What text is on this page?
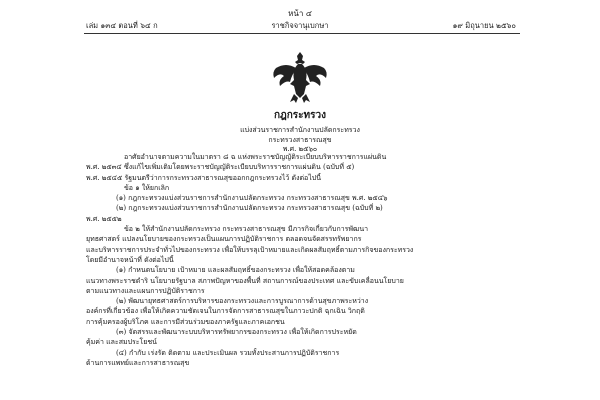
หน้า ๔
เล่ม ๑๓๔ ตอนที่ ๖๔ ก	ราชกิจจานุเบกษา	๑๙ มิถุนายน ๒๕๖๐
กฎกระทรวง
แบ่งส่วนราชการสำนักงานปลัดกระทรวง
กระทรวงสาธารณสุข
พ.ศ. ๒๕๖๐

อาศัยอำนาจตามความในมาตรา ๘ ฉ แห่งพระราชบัญญัติระเบียบบริหารราชการแผ่นดิน

พ.ศ. ๒๕๓๔ ซึ่งแก้ไขเพิ่มเติมโดยพระราชบัญญัติระเบียบบริหารราชการแผ่นดิน (ฉบับที่ ๕)

พ.ศ. ๒๕๔๕ รัฐมนตรีว่าการกระทรวงสาธารณสุขออกกฎกระทรวงไว้ ดังต่อไปนี้

ข้อ ๑ ให้ยกเลิก

(๑) กฎกระทรวงแบ่งส่วนราชการสำนักงานปลัดกระทรวง กระทรวงสาธารณสุข พ.ศ. ๒๕๔๖

(๒) กฎกระทรวงแบ่งส่วนราชการสำนักงานปลัดกระทรวง กระทรวงสาธารณสุข (ฉบับที่ ๒)

พ.ศ. ๒๕๕๒

ข้อ ๒ ให้สำนักงานปลัดกระทรวง กระทรวงสาธารณสุข มีภารกิจเกี่ยวกับการพัฒนา

ยุทธศาสตร์ แปลงนโยบายของกระทรวงเป็นแผนการปฏิบัติราชการ ตลอดจนจัดสรรทรัพยากร

และบริหารราชการประจำทั่วไปของกระทรวง เพื่อให้บรรลุเป้าหมายและเกิดผลสัมฤทธิ์ตามภารกิจของกระทรวง

โดยมีอำนาจหน้าที่ ดังต่อไปนี้

(๑) กำหนดนโยบาย เป้าหมาย และผลสัมฤทธิ์ของกระทรวง เพื่อให้สอดคล้องตาม

แนวทางพระราชดำริ นโยบายรัฐบาล สภาพปัญหาของพื้นที่ สถานการณ์ของประเทศ และขับเคลื่อนนโยบาย

ตามแนวทางและแผนการปฏิบัติราชการ

(๒) พัฒนายุทธศาสตร์การบริหารของกระทรวงและการบูรณาการด้านสุขภาพระหว่าง

องค์กรที่เกี่ยวข้อง เพื่อให้เกิดความชัดเจนในการจัดการสาธารณสุขในภาวะปกติ ฉุกเฉิน วิกฤติ

การคุ้มครองผู้บริโภค และการมีส่วนร่วมของภาครัฐและภาคเอกชน

(๓) จัดสรรและพัฒนาระบบบริหารทรัพยากรของกระทรวง เพื่อให้เกิดการประหยัด

คุ้มค่า และสมประโยชน์

(๔) กำกับ เร่งรัด ติดตาม และประเมินผล รวมทั้งประสานการปฏิบัติราชการ

ด้านการแพทย์และการสาธารณสุข
